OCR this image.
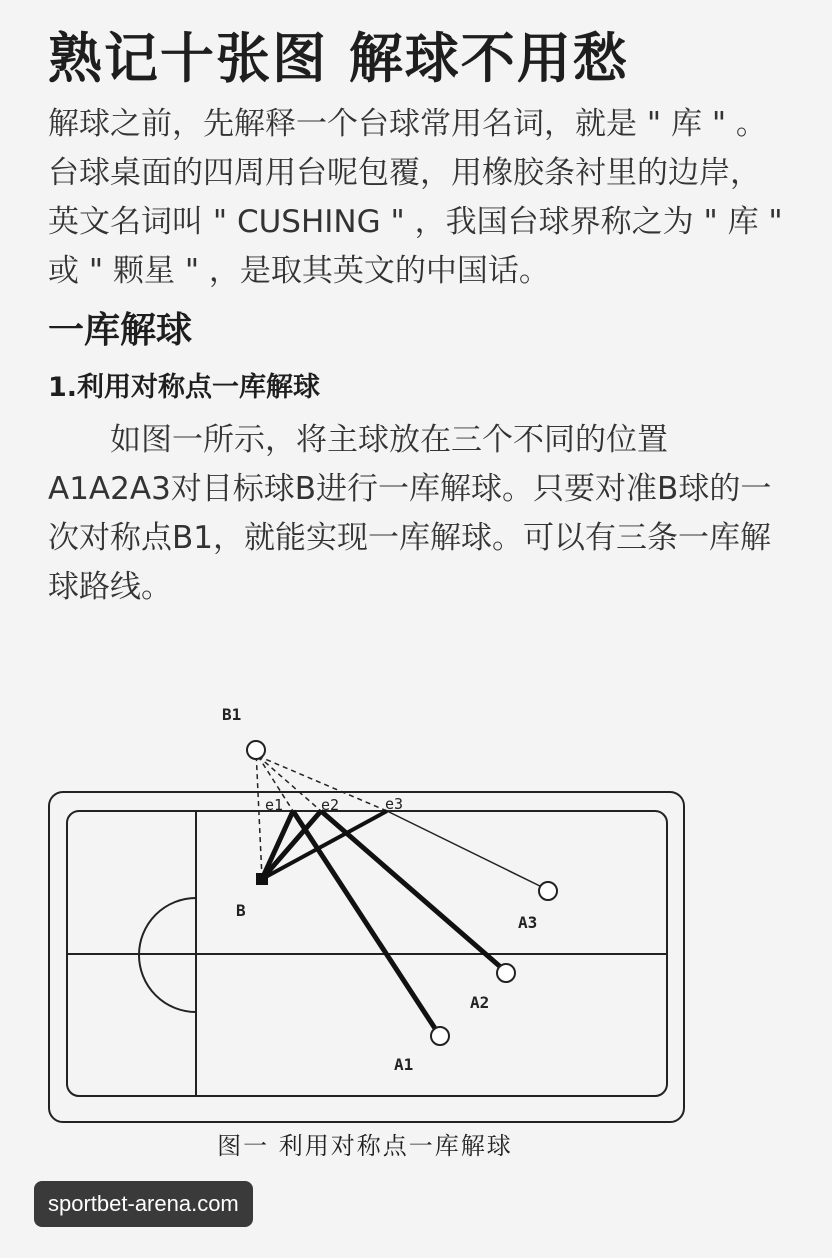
熟记十张图 解球不用愁

解球之前，先解释一个台球常用名词，就是 " 库 " 。台球桌面的四周用台呢包覆，用橡胶条衬里的边岸，英文名词叫 " CUSHING " ，我国台球界称之为 " 库 " 或 " 颗星 " ，是取其英文的中国话。

一库解球
1.利用对称点一库解球

如图一所示，将主球放在三个不同的位置A1A2A3对目标球B进行一库解球。只要对准B球的一次对称点B1，就能实现一库解球。可以有三条一库解球路线。

B1
B
e1	e2	e3
A1
A2
A3
图一 利用对称点一库解球
sportbet-arena.com
